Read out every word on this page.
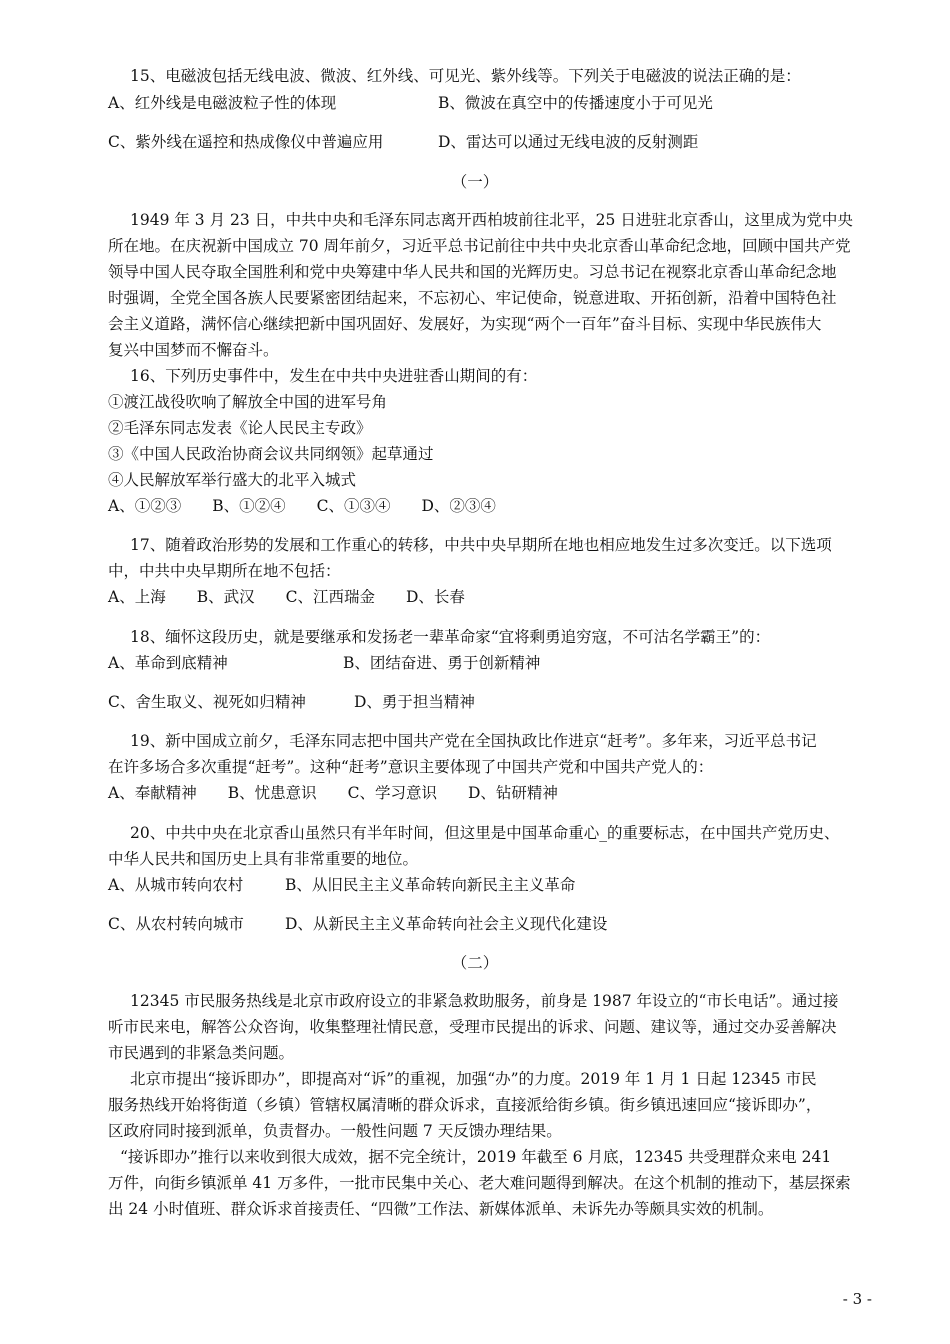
15、电磁波包括无线电波、微波、红外线、可见光、紫外线等。下列关于电磁波的说法正确的是：
A、红外线是电磁波粒子性的体现	B、微波在真空中的传播速度小于可见光
C、紫外线在遥控和热成像仪中普遍应用	D、雷达可以通过无线电波的反射测距
（一）
1949 年 3 月 23 日，中共中央和毛泽东同志离开西柏坡前往北平，25 日进驻北京香山，这里成为党中央
所在地。在庆祝新中国成立 70 周年前夕，习近平总书记前往中共中央北京香山革命纪念地，回顾中国共产党
领导中国人民夺取全国胜利和党中央筹建中华人民共和国的光辉历史。习总书记在视察北京香山革命纪念地
时强调，全党全国各族人民要紧密团结起来，不忘初心、牢记使命，锐意进取、开拓创新，沿着中国特色社
会主义道路，满怀信心继续把新中国巩固好、发展好，为实现“两个一百年”奋斗目标、实现中华民族伟大
复兴中国梦而不懈奋斗。
16、下列历史事件中，发生在中共中央进驻香山期间的有：
①渡江战役吹响了解放全中国的进军号角
②毛泽东同志发表《论人民民主专政》
③《中国人民政治协商会议共同纲领》起草通过
④人民解放军举行盛大的北平入城式
A、①②③　　B、①②④　　C、①③④　　D、②③④
17、随着政治形势的发展和工作重心的转移，中共中央早期所在地也相应地发生过多次变迁。以下选项
中，中共中央早期所在地不包括：
A、上海　　B、武汉　　C、江西瑞金　　D、长春
18、缅怀这段历史，就是要继承和发扬老一辈革命家“宜将剩勇追穷寇，不可沽名学霸王”的：
A、革命到底精神	B、团结奋进、勇于创新精神
C、舍生取义、视死如归精神	D、勇于担当精神
19、新中国成立前夕，毛泽东同志把中国共产党在全国执政比作进京“赶考”。多年来，习近平总书记
在许多场合多次重提“赶考”。这种“赶考”意识主要体现了中国共产党和中国共产党人的：
A、奉献精神　　B、忧患意识　　C、学习意识　　D、钻研精神
20、中共中央在北京香山虽然只有半年时间，但这里是中国革命重心_的重要标志，在中国共产党历史、
中华人民共和国历史上具有非常重要的地位。
A、从城市转向农村	B、从旧民主主义革命转向新民主主义革命
C、从农村转向城市	D、从新民主主义革命转向社会主义现代化建设
（二）
12345 市民服务热线是北京市政府设立的非紧急救助服务，前身是 1987 年设立的“市长电话”。通过接
听市民来电，解答公众咨询，收集整理社情民意，受理市民提出的诉求、问题、建议等，通过交办妥善解决
市民遇到的非紧急类问题。
北京市提出“接诉即办”，即提高对“诉”的重视，加强“办”的力度。2019 年 1 月 1 日起 12345 市民
服务热线开始将街道（乡镇）管辖权属清晰的群众诉求，直接派给街乡镇。街乡镇迅速回应“接诉即办”，
区政府同时接到派单，负责督办。一般性问题 7 天反馈办理结果。
“接诉即办”推行以来收到很大成效，据不完全统计，2019 年截至 6 月底，12345 共受理群众来电 241
万件，向街乡镇派单 41 万多件，一批市民集中关心、老大难问题得到解决。在这个机制的推动下，基层探索
出 24 小时值班、群众诉求首接责任、“四微”工作法、新媒体派单、未诉先办等颇具实效的机制。
- 3 -
